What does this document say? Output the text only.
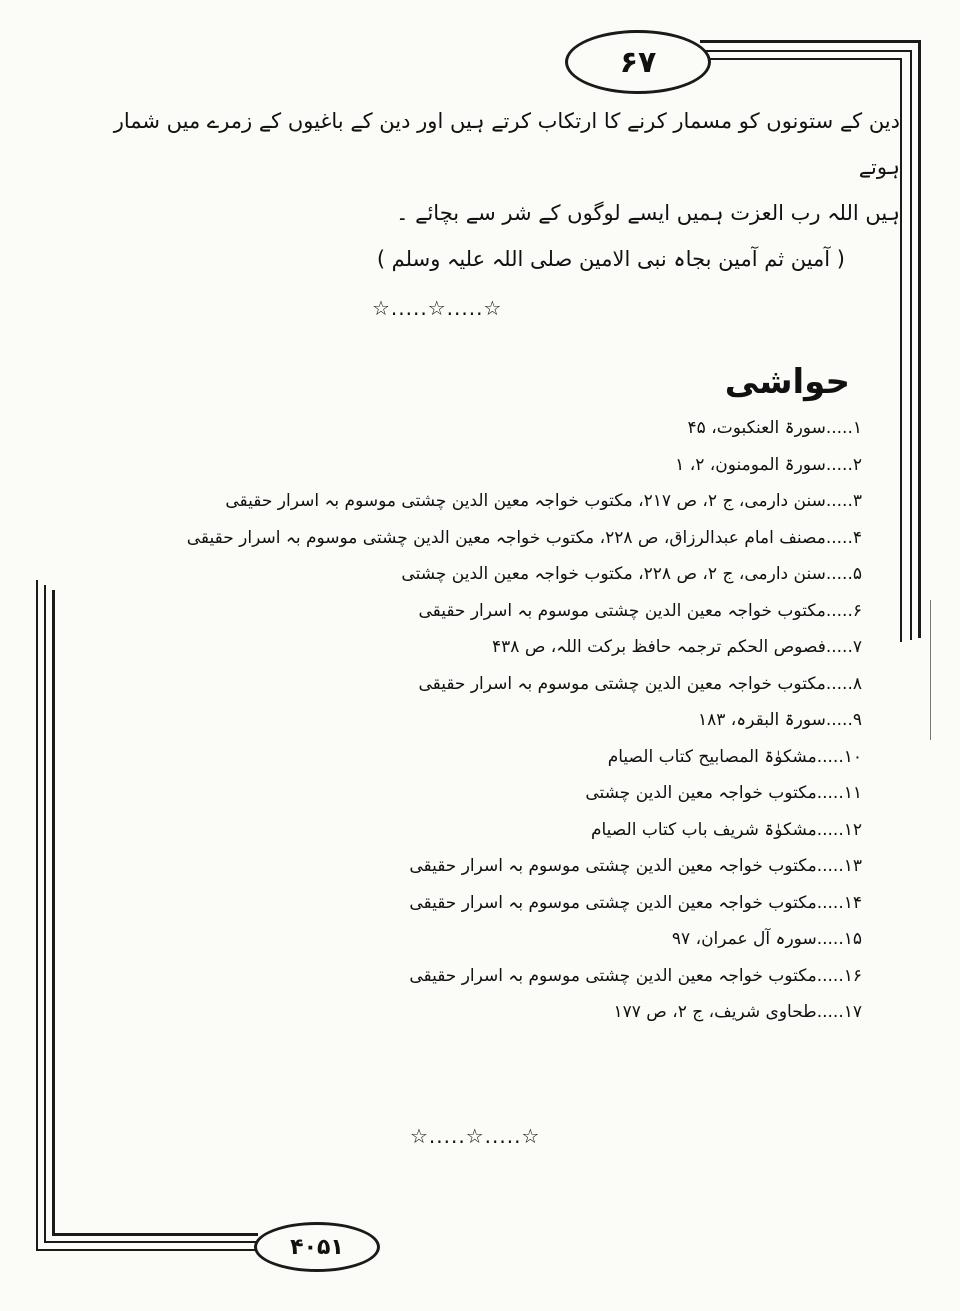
۶۷

دین کے ستونوں کو مسمار کرنے کا ارتکاب کرتے ہیں اور دین کے باغیوں کے زمرے میں شمار ہوتے

ہیں اللہ رب العزت ہمیں ایسے لوگوں کے شر سے بچائے ۔

( آمین ثم آمین بجاہ نبی الامین صلی اللہ علیہ وسلم )

☆.....☆.....☆
حواشی
۱.....سورۃ العنکبوت، ۴۵
۲.....سورۃ المومنون، ۲، ۱
۳.....سنن دارمی، ج ۲، ص ۲۱۷، مکتوب خواجہ معین الدین چشتی موسوم بہ اسرار حقیقی
۴.....مصنف امام عبدالرزاق، ص ۲۲۸، مکتوب خواجہ معین الدین چشتی موسوم بہ اسرار حقیقی
۵.....سنن دارمی، ج ۲، ص ۲۲۸، مکتوب خواجہ معین الدین چشتی
۶.....مکتوب خواجہ معین الدین چشتی موسوم بہ اسرار حقیقی
۷.....فصوص الحکم ترجمہ حافظ برکت اللہ، ص ۴۳۸
۸.....مکتوب خواجہ معین الدین چشتی موسوم بہ اسرار حقیقی
۹.....سورۃ البقرہ، ۱۸۳
۱۰.....مشکوٰۃ المصابیح کتاب الصیام
۱۱.....مکتوب خواجہ معین الدین چشتی
۱۲.....مشکوٰۃ شریف باب کتاب الصیام
۱۳.....مکتوب خواجہ معین الدین چشتی موسوم بہ اسرار حقیقی
۱۴.....مکتوب خواجہ معین الدین چشتی موسوم بہ اسرار حقیقی
۱۵.....سورہ آل عمران، ۹۷
۱۶.....مکتوب خواجہ معین الدین چشتی موسوم بہ اسرار حقیقی
۱۷.....طحاوی شریف، ج ۲، ص ۱۷۷
☆.....☆.....☆
۴۰۵۱
